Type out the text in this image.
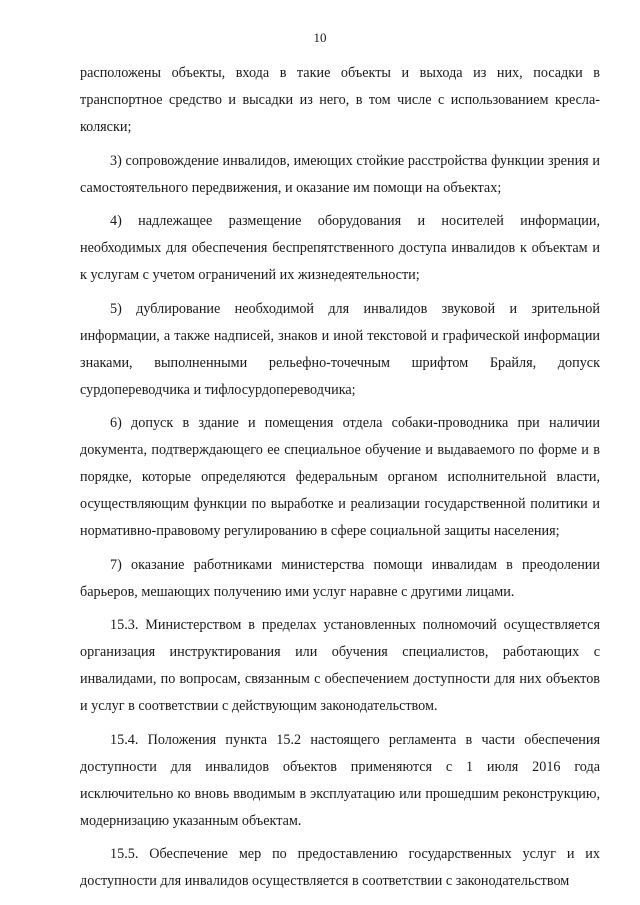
10

расположены объекты, входа в такие объекты и выхода из них, посадки в транспортное средство и высадки из него, в том числе с использованием кресла-коляски;

3) сопровождение инвалидов, имеющих стойкие расстройства функции зрения и самостоятельного передвижения, и оказание им помощи на объектах;

4) надлежащее размещение оборудования и носителей информации, необходимых для обеспечения беспрепятственного доступа инвалидов к объектам и к услугам с учетом ограничений их жизнедеятельности;

5) дублирование необходимой для инвалидов звуковой и зрительной информации, а также надписей, знаков и иной текстовой и графической информации знаками, выполненными рельефно-точечным шрифтом Брайля, допуск сурдопереводчика и тифлосурдопереводчика;

6) допуск в здание и помещения отдела собаки-проводника при наличии документа, подтверждающего ее специальное обучение и выдаваемого по форме и в порядке, которые определяются федеральным органом исполнительной власти, осуществляющим функции по выработке и реализации государственной политики и нормативно-правовому регулированию в сфере социальной защиты населения;

7) оказание работниками министерства помощи инвалидам в преодолении барьеров, мешающих получению ими услуг наравне с другими лицами.

15.3. Министерством в пределах установленных полномочий осуществляется организация инструктирования или обучения специалистов, работающих с инвалидами, по вопросам, связанным с обеспечением доступности для них объектов и услуг в соответствии с действующим законодательством.

15.4. Положения пункта 15.2 настоящего регламента в части обеспечения доступности для инвалидов объектов применяются с 1 июля 2016 года исключительно ко вновь вводимым в эксплуатацию или прошедшим реконструкцию, модернизацию указанным объектам.

15.5. Обеспечение мер по предоставлению государственных услуг и их доступности для инвалидов осуществляется в соответствии с законодательством
